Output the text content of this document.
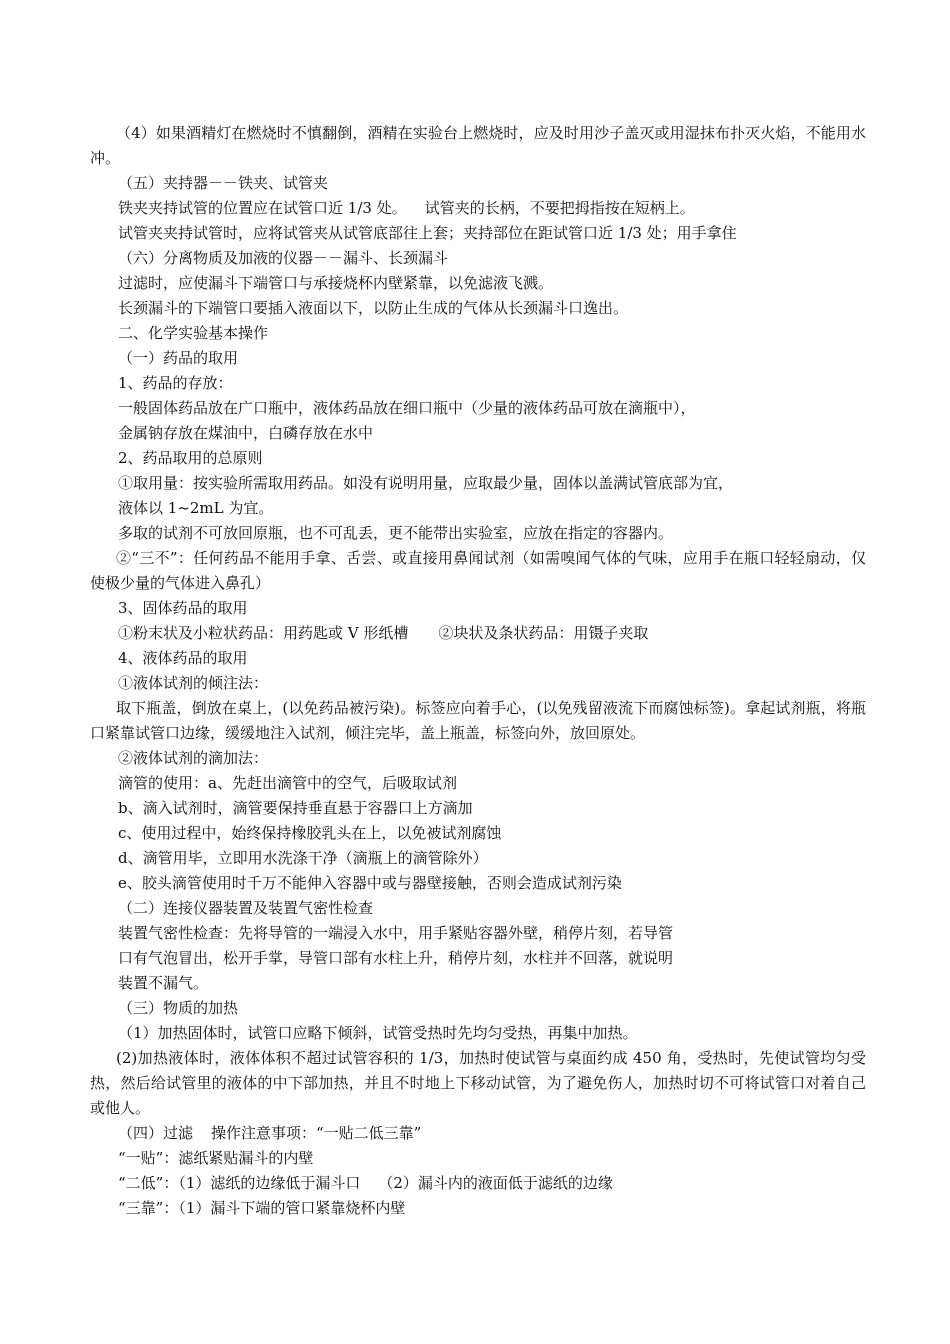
（4）如果酒精灯在燃烧时不慎翻倒，酒精在实验台上燃烧时，应及时用沙子盖灭或用湿抹布扑灭火焰，不能用水冲。

（五）夹持器－－铁夹、试管夹

铁夹夹持试管的位置应在试管口近 1/3 处。 试管夹的长柄，不要把拇指按在短柄上。

试管夹夹持试管时，应将试管夹从试管底部往上套；夹持部位在距试管口近 1/3 处；用手拿住

（六）分离物质及加液的仪器－－漏斗、长颈漏斗

过滤时，应使漏斗下端管口与承接烧杯内壁紧靠，以免滤液飞溅。

长颈漏斗的下端管口要插入液面以下，以防止生成的气体从长颈漏斗口逸出。

二、化学实验基本操作

（一）药品的取用

1、药品的存放：

一般固体药品放在广口瓶中，液体药品放在细口瓶中（少量的液体药品可放在滴瓶中），

金属钠存放在煤油中，白磷存放在水中

2、药品取用的总原则

①取用量：按实验所需取用药品。如没有说明用量，应取最少量，固体以盖满试管底部为宜，

液体以 1~2mL 为宜。

多取的试剂不可放回原瓶，也不可乱丢，更不能带出实验室，应放在指定的容器内。

②“三不”：任何药品不能用手拿、舌尝、或直接用鼻闻试剂（如需嗅闻气体的气味，应用手在瓶口轻轻扇动，仅使极少量的气体进入鼻孔）

3、固体药品的取用

①粉末状及小粒状药品：用药匙或 V 形纸槽 ②块状及条状药品：用镊子夹取

4、液体药品的取用

①液体试剂的倾注法：

取下瓶盖，倒放在桌上，(以免药品被污染)。标签应向着手心，(以免残留液流下而腐蚀标签)。拿起试剂瓶，将瓶口紧靠试管口边缘，缓缓地注入试剂，倾注完毕，盖上瓶盖，标签向外，放回原处。

②液体试剂的滴加法：

滴管的使用：a、先赶出滴管中的空气，后吸取试剂

b、滴入试剂时，滴管要保持垂直悬于容器口上方滴加

c、使用过程中，始终保持橡胶乳头在上，以免被试剂腐蚀

d、滴管用毕，立即用水洗涤干净（滴瓶上的滴管除外）

e、胶头滴管使用时千万不能伸入容器中或与器壁接触，否则会造成试剂污染

（二）连接仪器装置及装置气密性检查

装置气密性检查：先将导管的一端浸入水中，用手紧贴容器外壁，稍停片刻，若导管

口有气泡冒出，松开手掌，导管口部有水柱上升，稍停片刻，水柱并不回落，就说明

装置不漏气。

（三）物质的加热

（1）加热固体时，试管口应略下倾斜，试管受热时先均匀受热，再集中加热。

(2)加热液体时，液体体积不超过试管容积的 1/3，加热时使试管与桌面约成 450 角，受热时，先使试管均匀受热，然后给试管里的液体的中下部加热，并且不时地上下移动试管，为了避免伤人，加热时切不可将试管口对着自己或他人。

（四）过滤 操作注意事项：“一贴二低三靠”

“一贴”：滤纸紧贴漏斗的内壁

“二低”：（1）滤纸的边缘低于漏斗口 （2）漏斗内的液面低于滤纸的边缘

“三靠”：（1）漏斗下端的管口紧靠烧杯内壁
